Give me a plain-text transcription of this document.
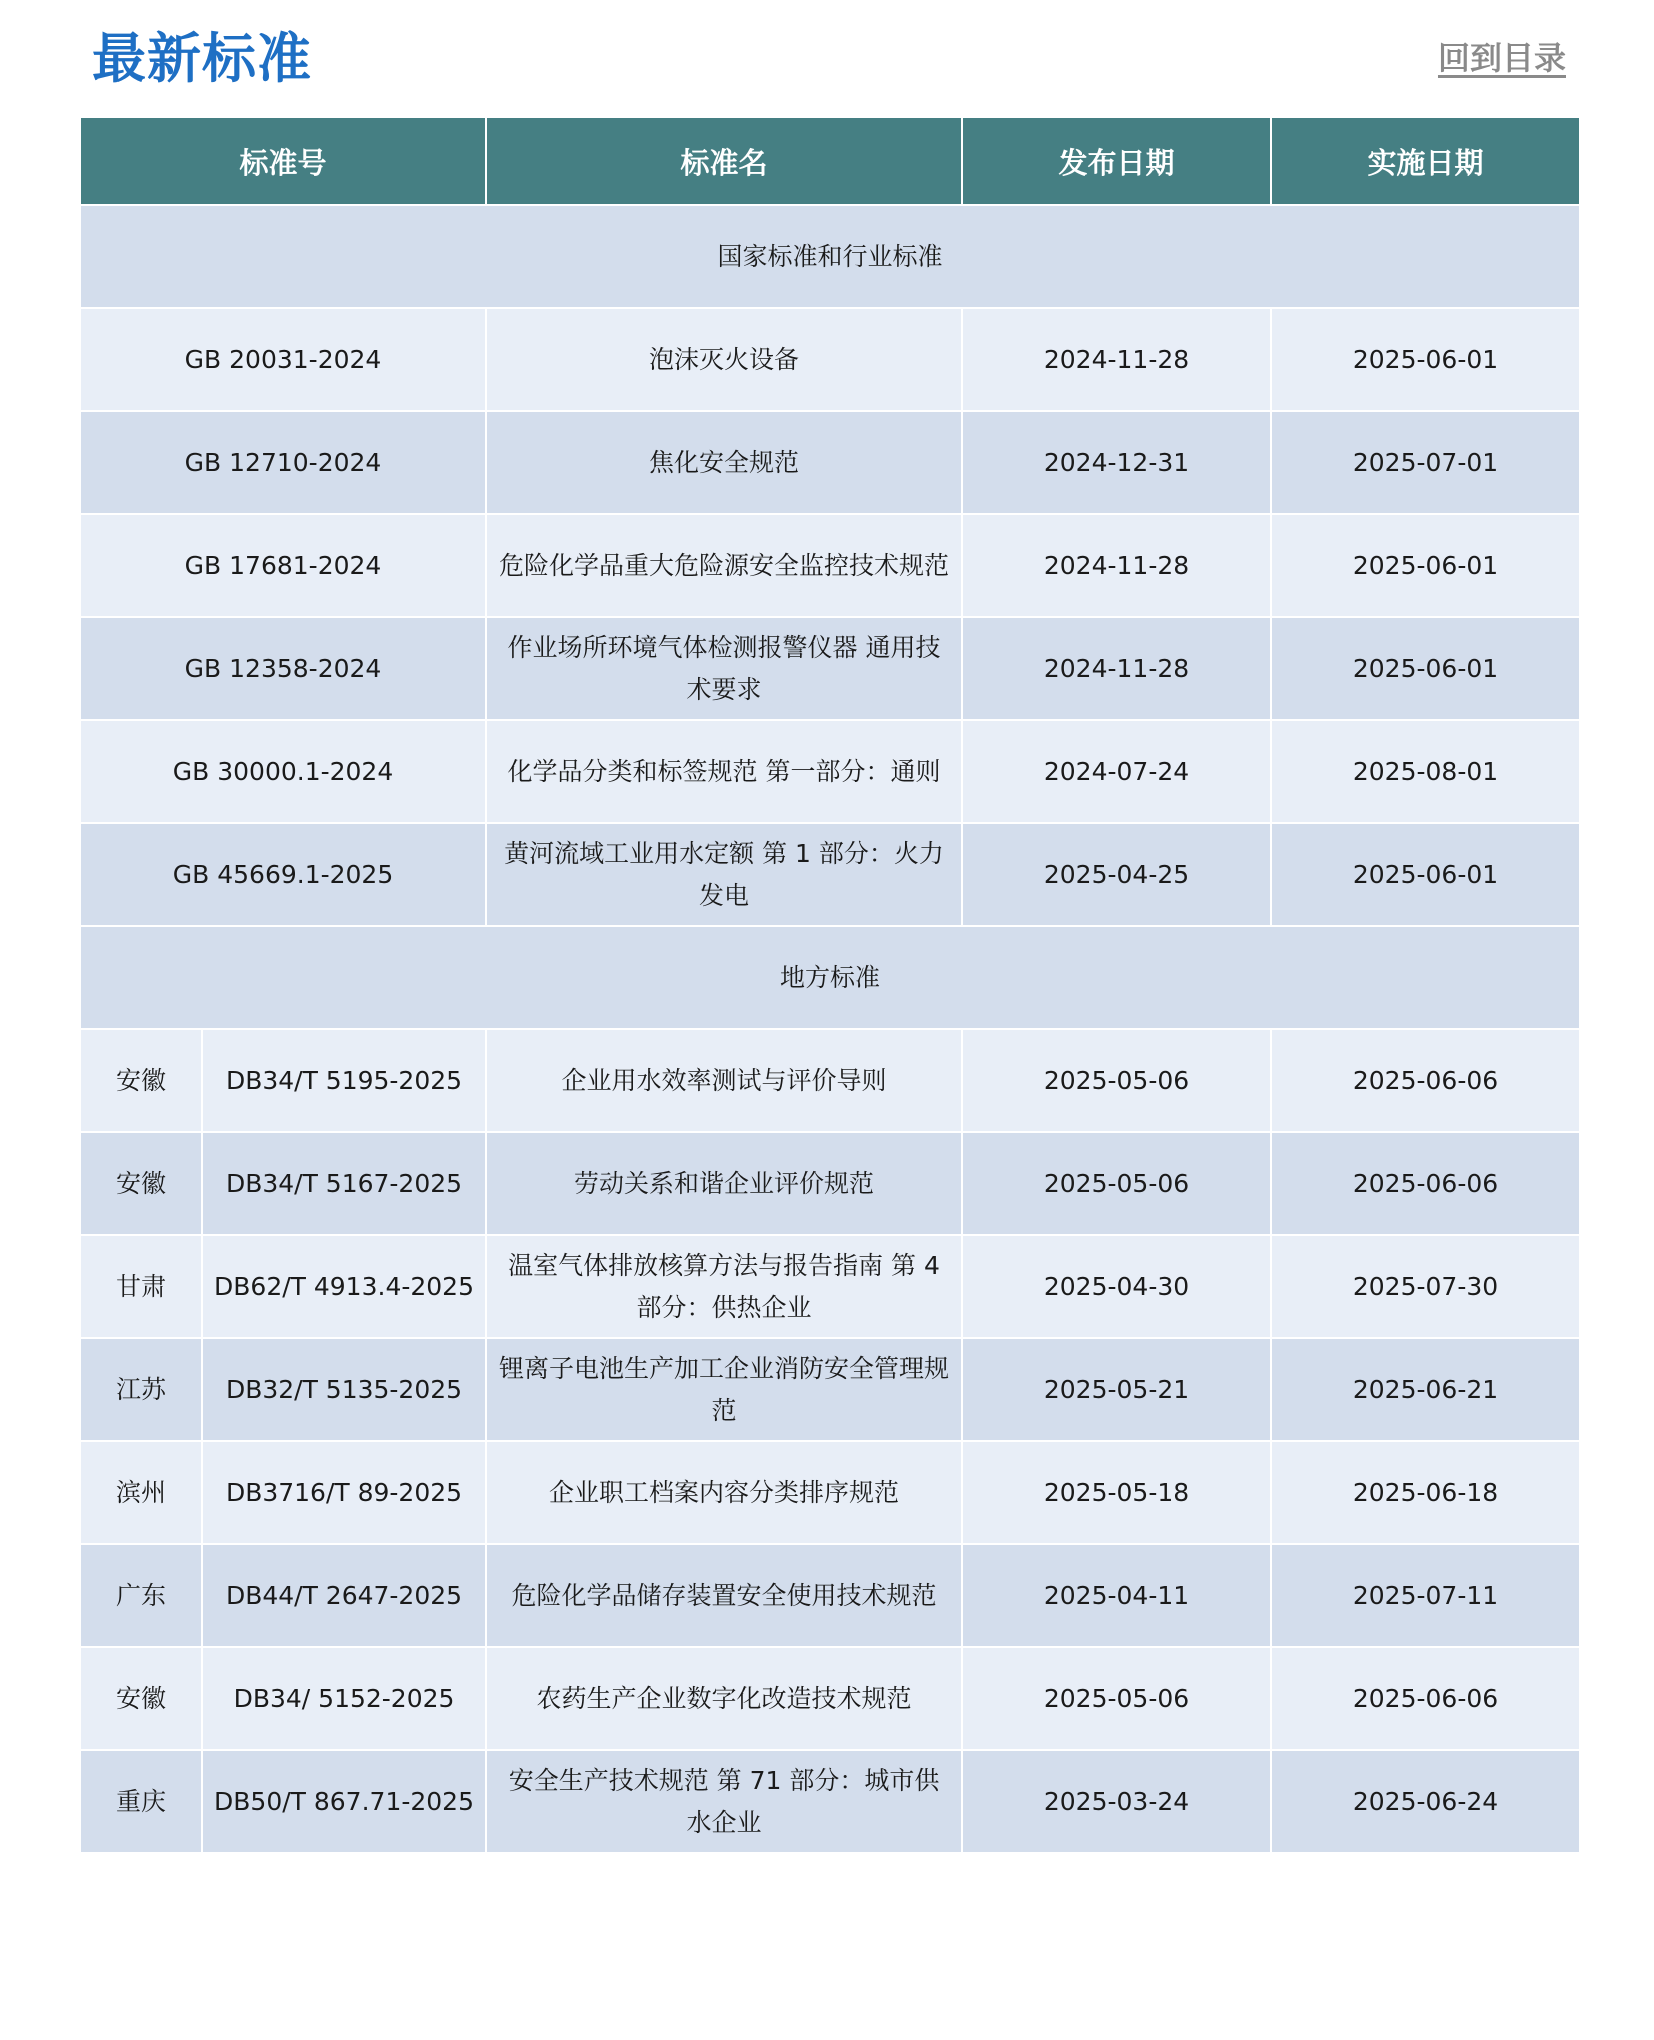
最新标准	回到目录
标准号		标准名	发布日期	实施日期
国家标准和行业标准				
GB 20031-2024		泡沫灭火设备	2024-11-28	2025-06-01
GB 12710-2024		焦化安全规范	2024-12-31	2025-07-01
GB 17681-2024		危险化学品重大危险源安全监控技术规范	2024-11-28	2025-06-01
GB 12358-2024		作业场所环境气体检测报警仪器 通用技术要求	2024-11-28	2025-06-01
GB 30000.1-2024		化学品分类和标签规范 第一部分：通则	2024-07-24	2025-08-01
GB 45669.1-2025		黄河流域工业用水定额 第 1 部分：火力发电	2025-04-25	2025-06-01
地方标准				
安徽	DB34/T 5195-2025	企业用水效率测试与评价导则	2025-05-06	2025-06-06
安徽	DB34/T 5167-2025	劳动关系和谐企业评价规范	2025-05-06	2025-06-06
甘肃	DB62/T 4913.4-2025	温室气体排放核算方法与报告指南 第 4 部分：供热企业	2025-04-30	2025-07-30
江苏	DB32/T 5135-2025	锂离子电池生产加工企业消防安全管理规范	2025-05-21	2025-06-21
滨州	DB3716/T 89-2025	企业职工档案内容分类排序规范	2025-05-18	2025-06-18
广东	DB44/T 2647-2025	危险化学品储存装置安全使用技术规范	2025-04-11	2025-07-11
安徽	DB34/ 5152-2025	农药生产企业数字化改造技术规范	2025-05-06	2025-06-06
重庆	DB50/T 867.71-2025	安全生产技术规范 第 71 部分：城市供水企业	2025-03-24	2025-06-24
